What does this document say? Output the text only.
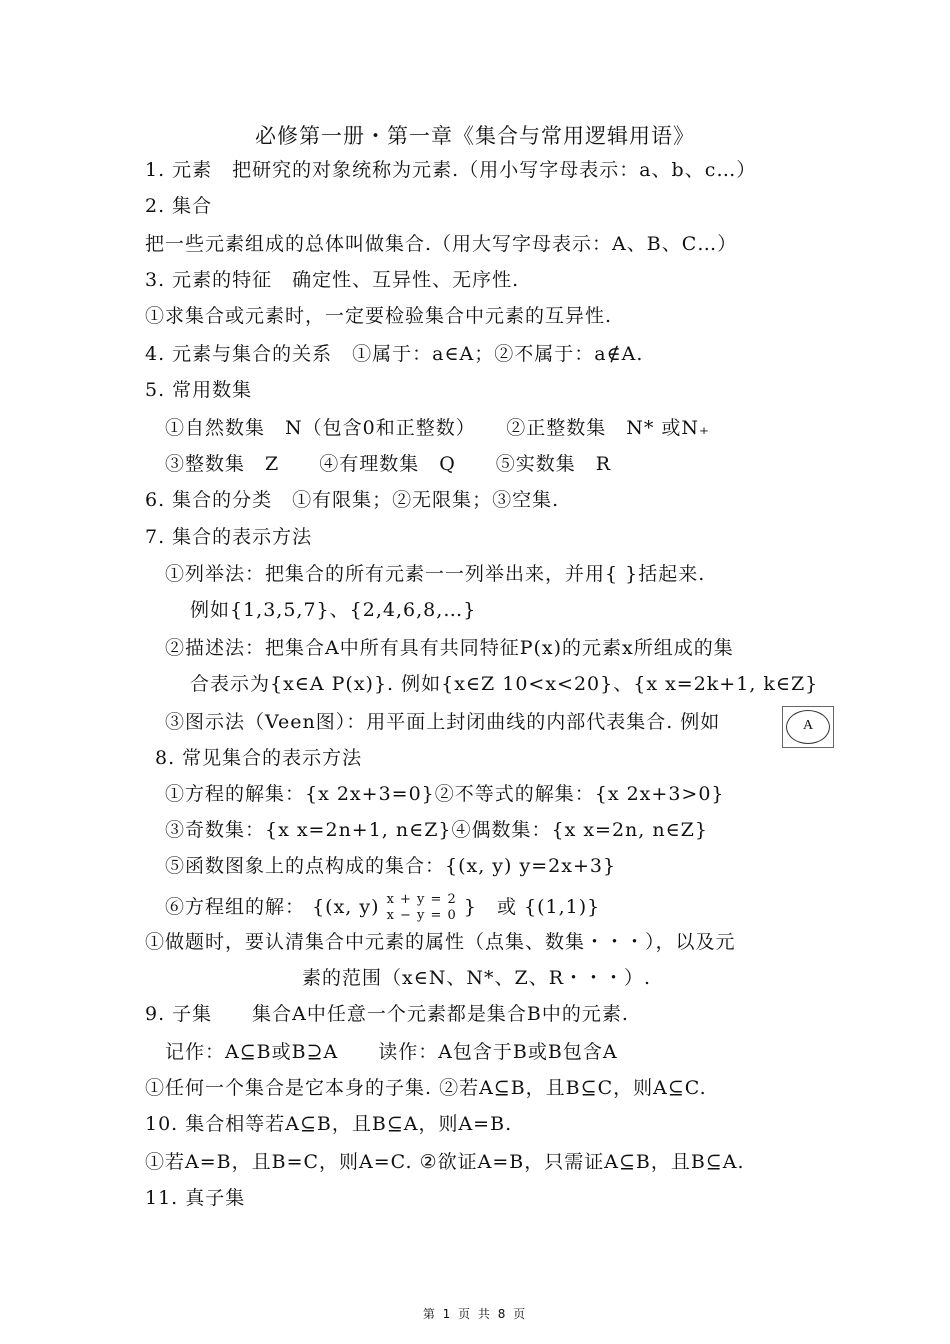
必修第一册・第一章《集合与常用逻辑用语》
1. 元素　把研究的对象统称为元素.（用小写字母表示：a、b、c…）
2. 集合
把一些元素组成的总体叫做集合.（用大写字母表示：A、B、C…）
3. 元素的特征　确定性、互异性、无序性.
①求集合或元素时，一定要检验集合中元素的互异性.
4. 元素与集合的关系　①属于：a∈A；②不属于：a∉A.
5. 常用数集
①自然数集　N（包含0和正整数）　　②正整数集　N* 或N₊
③整数集　Z　　④有理数集　Q　　⑤实数集　R
6. 集合的分类　①有限集；②无限集；③空集.
7. 集合的表示方法
①列举法：把集合的所有元素一一列举出来，并用{ }括起来.
例如{1,3,5,7}、{2,4,6,8,…}
②描述法：把集合A中所有具有共同特征P(x)的元素x所组成的集
合表示为{x∈A P(x)}. 例如{x∈Z 10<x<20}、{x x=2k+1, k∈Z}
③图示法（Veen图）：用平面上封闭曲线的内部代表集合. 例如	A
8. 常见集合的表示方法
①方程的解集：{x 2x+3=0}②不等式的解集：{x 2x+3>0}
③奇数集：{x x=2n+1, n∈Z}④偶数集：{x x=2n, n∈Z}
⑤函数图象上的点构成的集合：{(x, y) y=2x+3}
⑥方程组的解： {(x, y) x + y = 2
x − y = 0 }　或 {(1,1)}
①做题时，要认清集合中元素的属性（点集、数集・・・），以及元
素的范围（x∈N、N*、Z、R・・・）.
9. 子集　　集合A中任意一个元素都是集合B中的元素.
记作：A⊆B或B⊇A　　读作：A包含于B或B包含A
①任何一个集合是它本身的子集. ②若A⊆B，且B⊆C，则A⊆C.
10. 集合相等若A⊆B，且B⊆A，则A=B.
①若A=B，且B=C，则A=C. ②欲证A=B，只需证A⊆B，且B⊆A.
11. 真子集
第 1 页 共 8 页
